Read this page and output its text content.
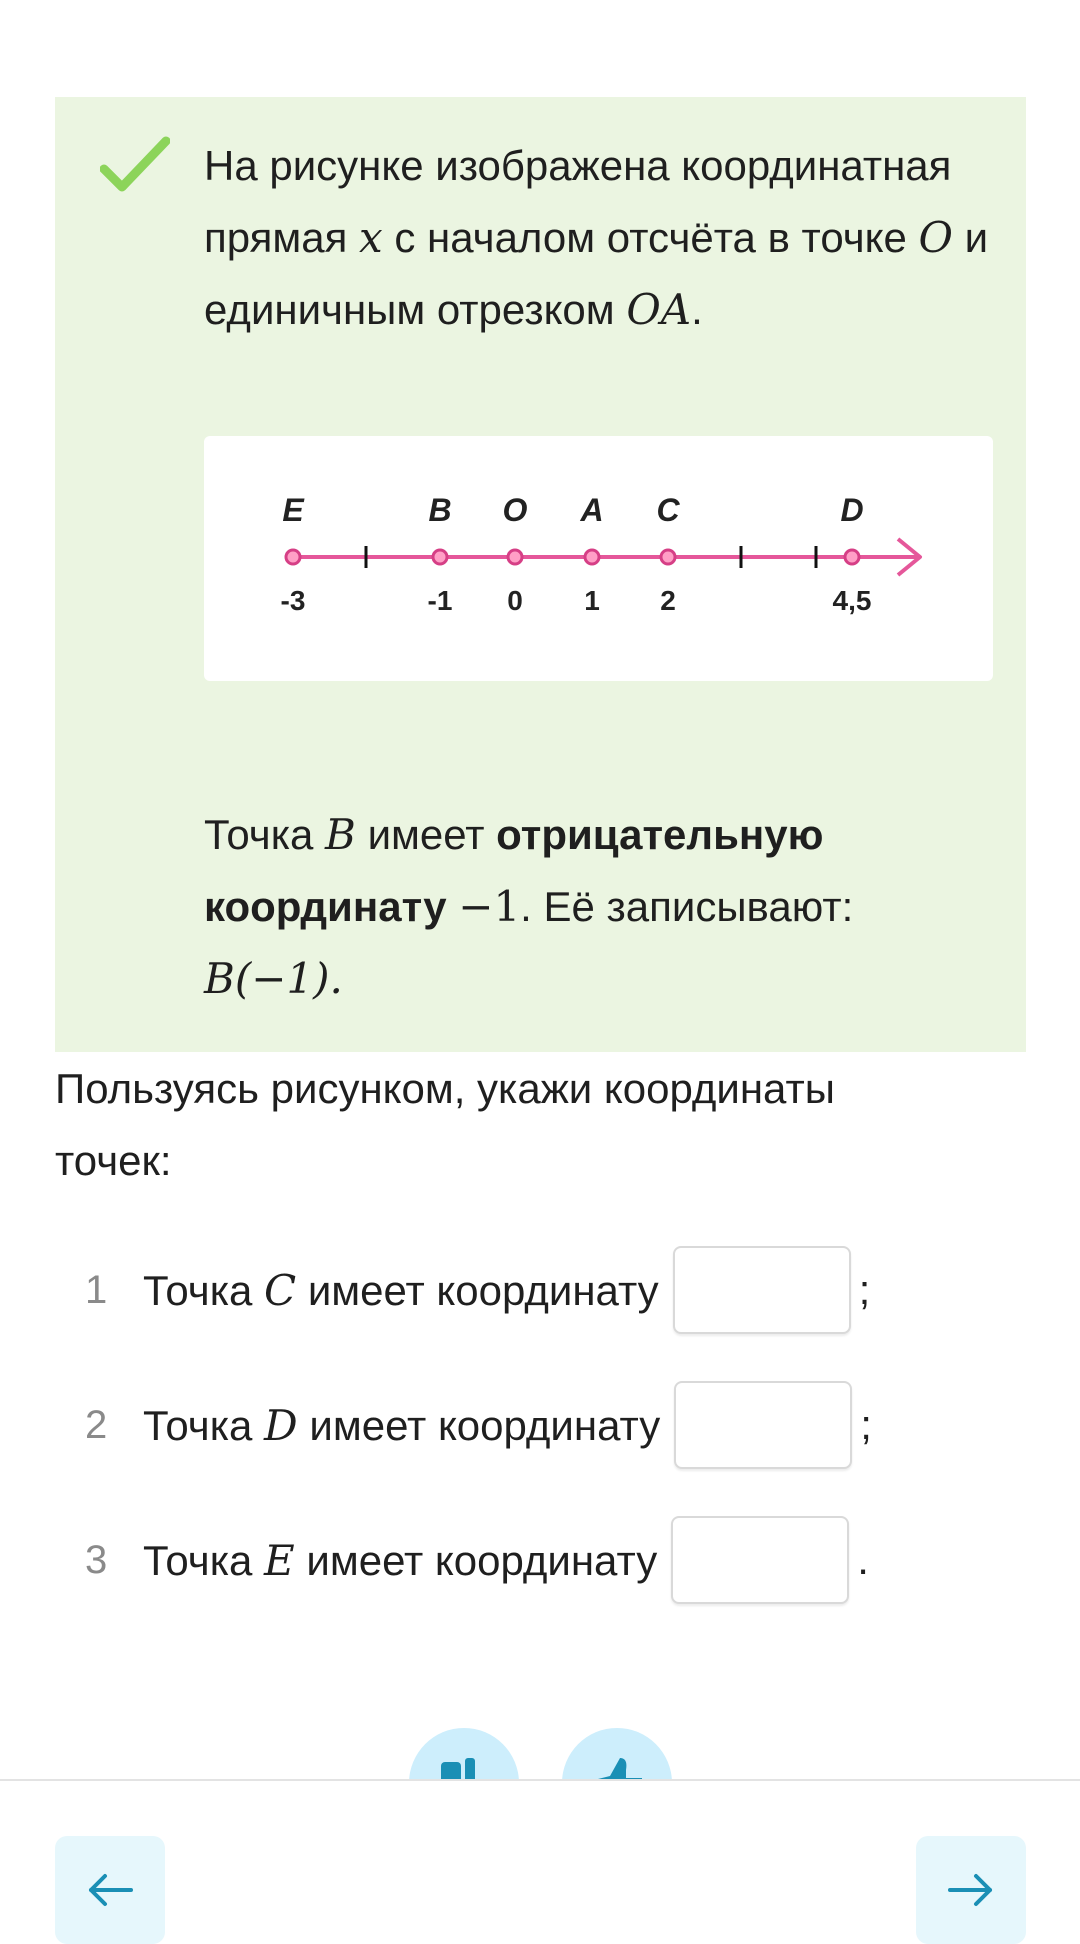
На рисунке изображена координатная прямая x с началом отсчёта в точке O и единичным отрезком OA.

E	B O A C	D
-3	-1 0 1 2	4,5

Точка B имеет отрицательную координату −1. Её записывают:
B(−1).

Пользуясь рисунком, укажи координаты точек:

1 Точка C имеет координату	;
2 Точка D имеет координату	;
3 Точка E имеет координату	.
